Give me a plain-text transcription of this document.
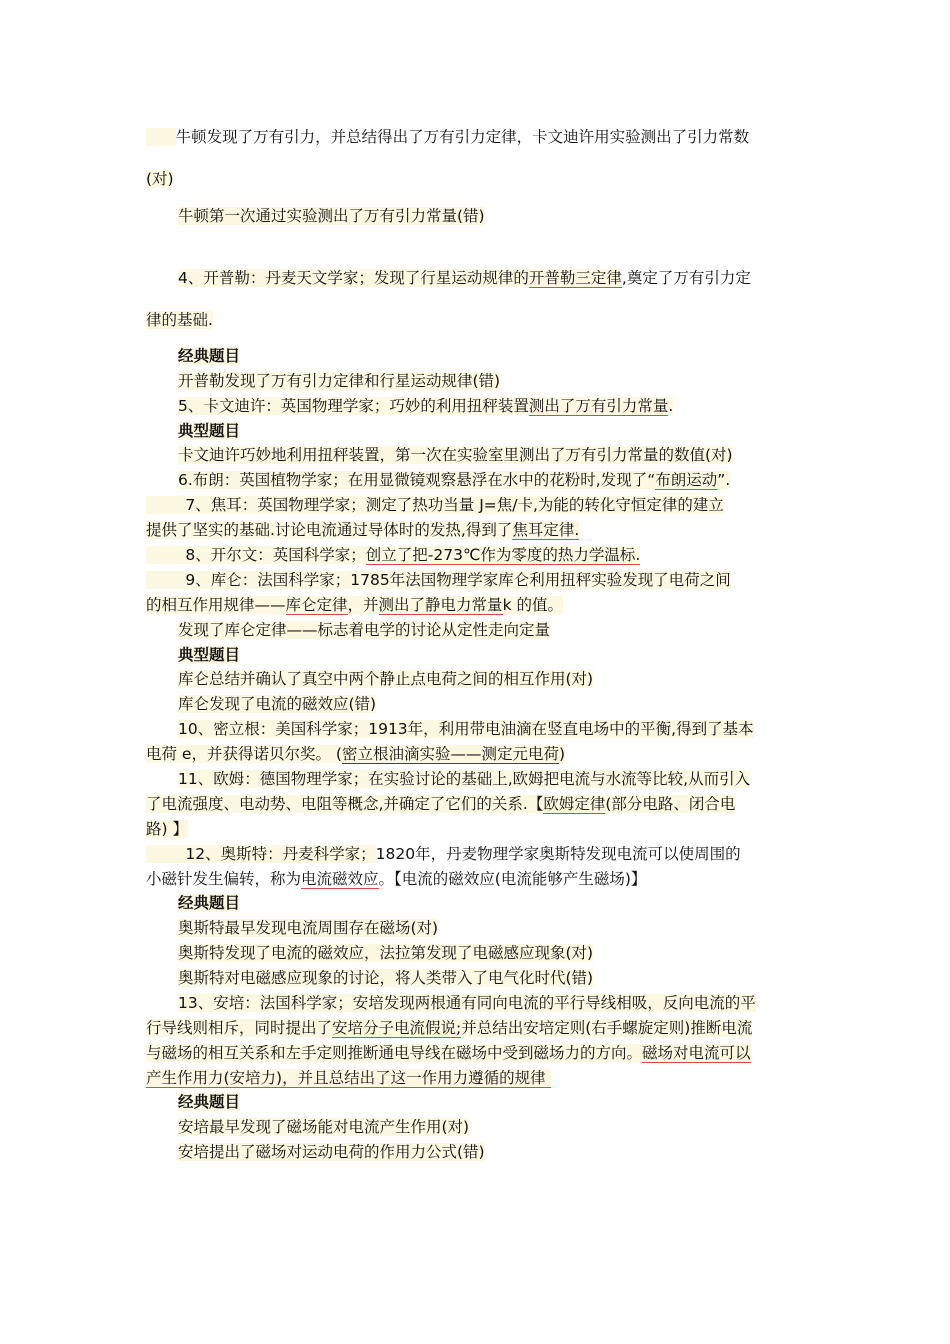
牛顿发现了万有引力，并总结得出了万有引力定律，卡文迪许用实验测出了引力常数
(对)
牛顿第一次通过实验测出了万有引力常量(错)
4、开普勒：丹麦天文学家；发现了行星运动规律的开普勒三定律,奠定了万有引力定
律的基础.
经典题目
开普勒发现了万有引力定律和行星运动规律(错)
5、卡文迪许：英国物理学家；巧妙的利用扭秤装置测出了万有引力常量.
典型题目
卡文迪许巧妙地利用扭秤装置，第一次在实验室里测出了万有引力常量的数值(对)
6.布朗：英国植物学家；在用显微镜观察悬浮在水中的花粉时,发现了“布朗运动”.
7、焦耳：英国物理学家；测定了热功当量 J=焦/卡,为能的转化守恒定律的建立
提供了坚实的基础.讨论电流通过导体时的发热,得到了焦耳定律.
8、开尔文：英国科学家；创立了把-273℃作为零度的热力学温标.
9、库仑：法国科学家；1785年法国物理学家库仑利用扭秤实验发现了电荷之间
的相互作用规律——库仑定律，并测出了静电力常量k 的值。
发现了库仑定律——标志着电学的讨论从定性走向定量
典型题目
库仑总结并确认了真空中两个静止点电荷之间的相互作用(对)
库仑发现了电流的磁效应(错)
10、密立根：美国科学家；1913年，利用带电油滴在竖直电场中的平衡,得到了基本
电荷 e，并获得诺贝尔奖。 (密立根油滴实验——测定元电荷)
11、欧姆：德国物理学家；在实验讨论的基础上,欧姆把电流与水流等比较,从而引入
了电流强度、电动势、电阻等概念,并确定了它们的关系.【欧姆定律(部分电路、闭合电
路) 】
12、奥斯特：丹麦科学家；1820年，丹麦物理学家奥斯特发现电流可以使周围的
小磁针发生偏转，称为电流磁效应。【电流的磁效应(电流能够产生磁场)】
经典题目
奥斯特最早发现电流周围存在磁场(对)
奥斯特发现了电流的磁效应，法拉第发现了电磁感应现象(对)
奥斯特对电磁感应现象的讨论，将人类带入了电气化时代(错)
13、安培：法国科学家；安培发现两根通有同向电流的平行导线相吸，反向电流的平
行导线则相斥，同时提出了安培分子电流假说;并总结出安培定则(右手螺旋定则)推断电流
与磁场的相互关系和左手定则推断通电导线在磁场中受到磁场力的方向。磁场对电流可以
产生作用力(安培力)，并且总结出了这一作用力遵循的规律
经典题目
安培最早发现了磁场能对电流产生作用(对)
安培提出了磁场对运动电荷的作用力公式(错)
